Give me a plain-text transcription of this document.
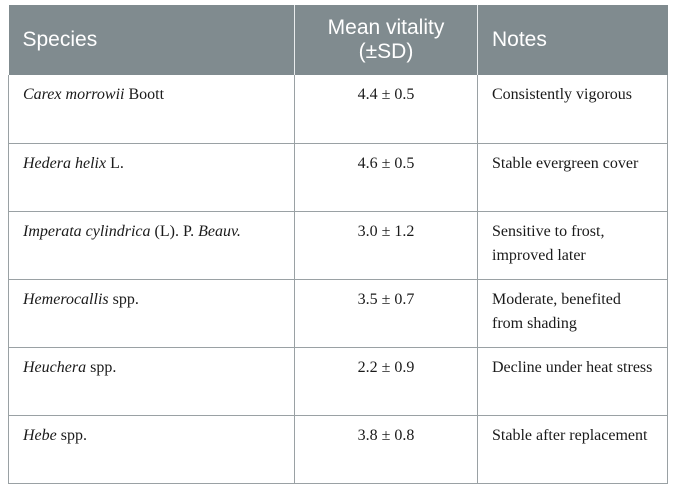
Species	Mean vitality (±SD)	Notes
Carex morrowii Boott	4.4 ± 0.5	Consistently vigorous
Hedera helix L.	4.6 ± 0.5	Stable evergreen cover
Imperata cylindrica (L). P. Beauv.	3.0 ± 1.2	Sensitive to frost, improved later
Hemerocallis spp.	3.5 ± 0.7	Moderate, benefited from shading
Heuchera spp.	2.2 ± 0.9	Decline under heat stress
Hebe spp.	3.8 ± 0.8	Stable after replacement
